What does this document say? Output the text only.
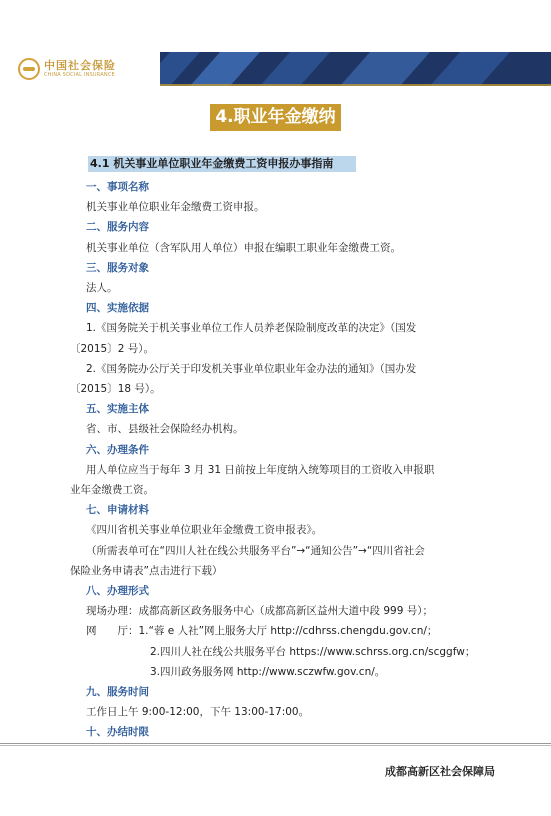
中国社会保险
CHINA SOCIAL INSURANCE
4.职业年金缴纳
4.1 机关事业单位职业年金缴费工资申报办事指南
一、事项名称
机关事业单位职业年金缴费工资申报。
二、服务内容
机关事业单位（含军队用人单位）申报在编职工职业年金缴费工资。
三、服务对象
法人。
四、实施依据
1.《国务院关于机关事业单位工作人员养老保险制度改革的决定》（国发
〔2015〕2 号）。
2.《国务院办公厅关于印发机关事业单位职业年金办法的通知》（国办发
〔2015〕18 号）。
五、实施主体
省、市、县级社会保险经办机构。
六、办理条件
用人单位应当于每年 3 月 31 日前按上年度纳入统筹项目的工资收入申报职
业年金缴费工资。
七、申请材料
《四川省机关事业单位职业年金缴费工资申报表》。
（所需表单可在“四川人社在线公共服务平台”→“通知公告”→“四川省社会
保险业务申请表”点击进行下载）
八、办理形式
现场办理：成都高新区政务服务中心（成都高新区益州大道中段 999 号）；
网　　厅：1.“蓉 e 人社”网上服务大厅 http://cdhrss.chengdu.gov.cn/；
2.四川人社在线公共服务平台 https://www.schrss.org.cn/scggfw；
3.四川政务服务网 http://www.sczwfw.gov.cn/。
九、服务时间
工作日上午 9:00-12:00，下午 13:00-17:00。
十、办结时限
成都高新区社会保障局
